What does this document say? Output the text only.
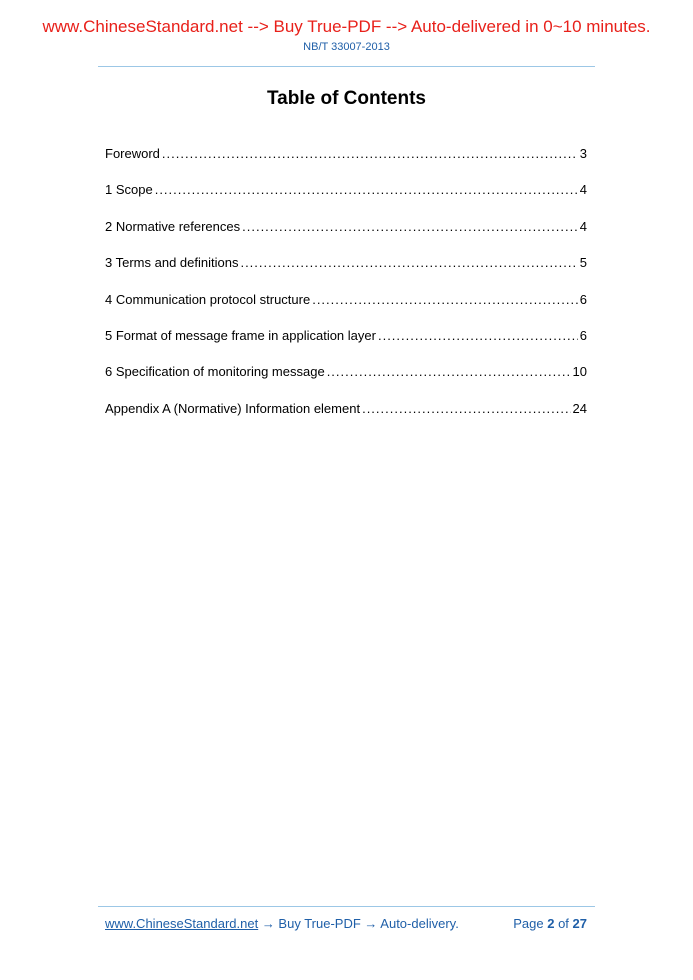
www.ChineseStandard.net --> Buy True-PDF --> Auto-delivered in 0~10 minutes.
NB/T 33007-2013
Table of Contents
Foreword .....	3
1 Scope .....	4
2 Normative references .....	4
3 Terms and definitions .....	5
4 Communication protocol structure .....	6
5 Format of message frame in application layer .....	6
6 Specification of monitoring message .....	10
Appendix A (Normative) Information element .....	24
www.ChineseStandard.net → Buy True-PDF → Auto-delivery.	Page 2 of 27
